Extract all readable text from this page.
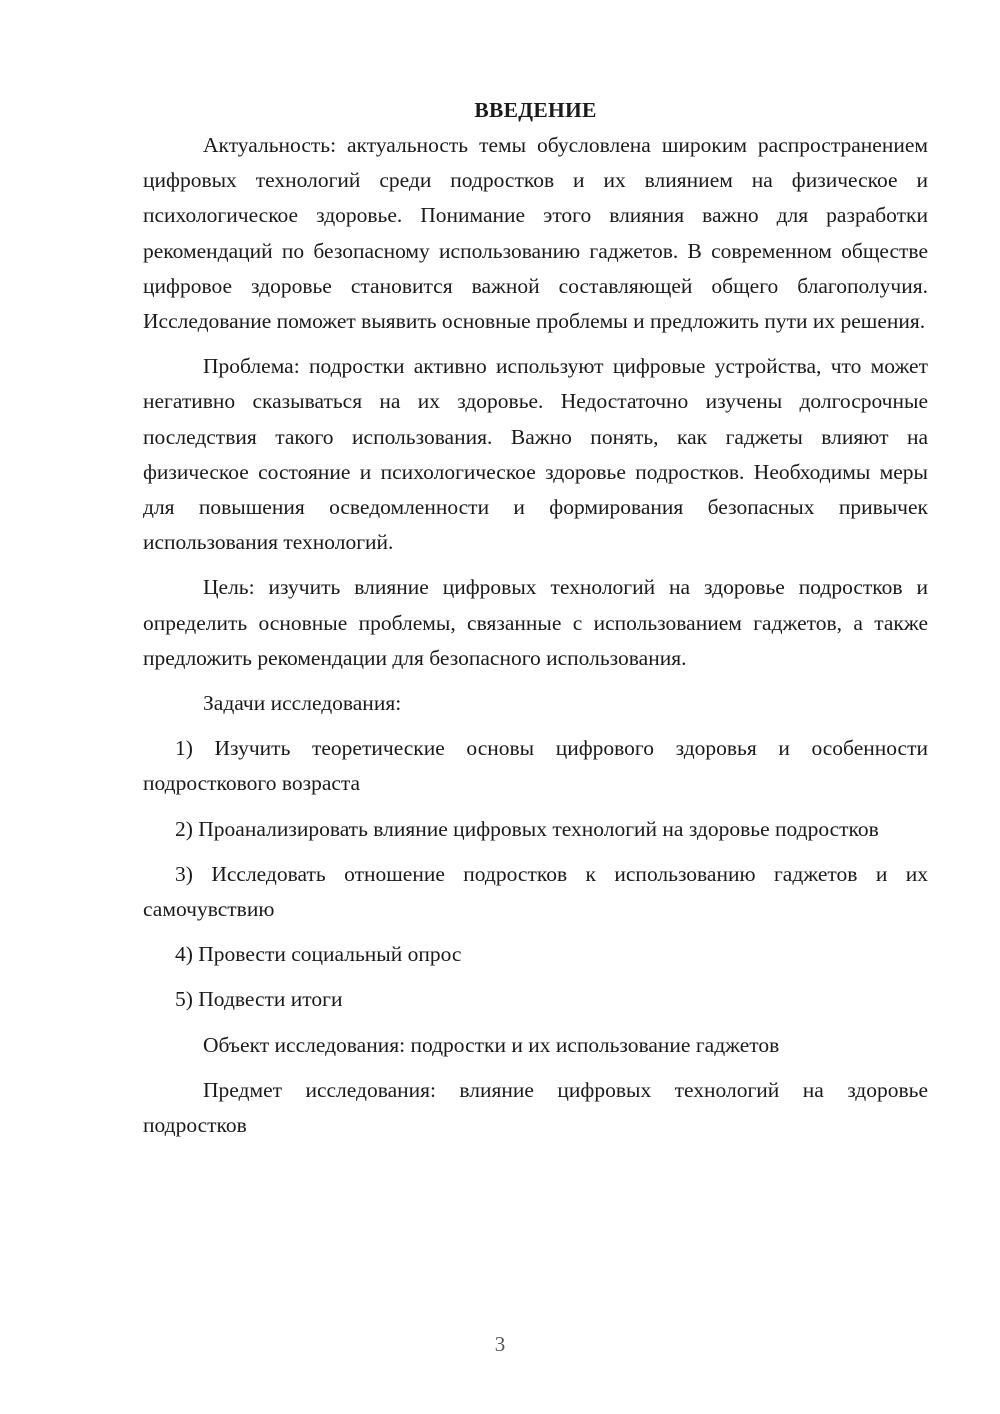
ВВЕДЕНИЕ

Актуальность: актуальность темы обусловлена широким распространением цифровых технологий среди подростков и их влиянием на физическое и психологическое здоровье. Понимание этого влияния важно для разработки рекомендаций по безопасному использованию гаджетов. В современном обществе цифровое здоровье становится важной составляющей общего благополучия. Исследование поможет выявить основные проблемы и предложить пути их решения.

Проблема: подростки активно используют цифровые устройства, что может негативно сказываться на их здоровье. Недостаточно изучены долгосрочные последствия такого использования. Важно понять, как гаджеты влияют на физическое состояние и психологическое здоровье подростков. Необходимы меры для повышения осведомленности и формирования безопасных привычек использования технологий.

Цель: изучить влияние цифровых технологий на здоровье подростков и определить основные проблемы, связанные с использованием гаджетов, а также предложить рекомендации для безопасного использования.

Задачи исследования:

1) Изучить теоретические основы цифрового здоровья и особенности подросткового возраста

2) Проанализировать влияние цифровых технологий на здоровье подростков

3) Исследовать отношение подростков к использованию гаджетов и их самочувствию

4) Провести социальный опрос

5) Подвести итоги

Объект исследования: подростки и их использование гаджетов

Предмет исследования: влияние цифровых технологий на здоровье подростков

3
